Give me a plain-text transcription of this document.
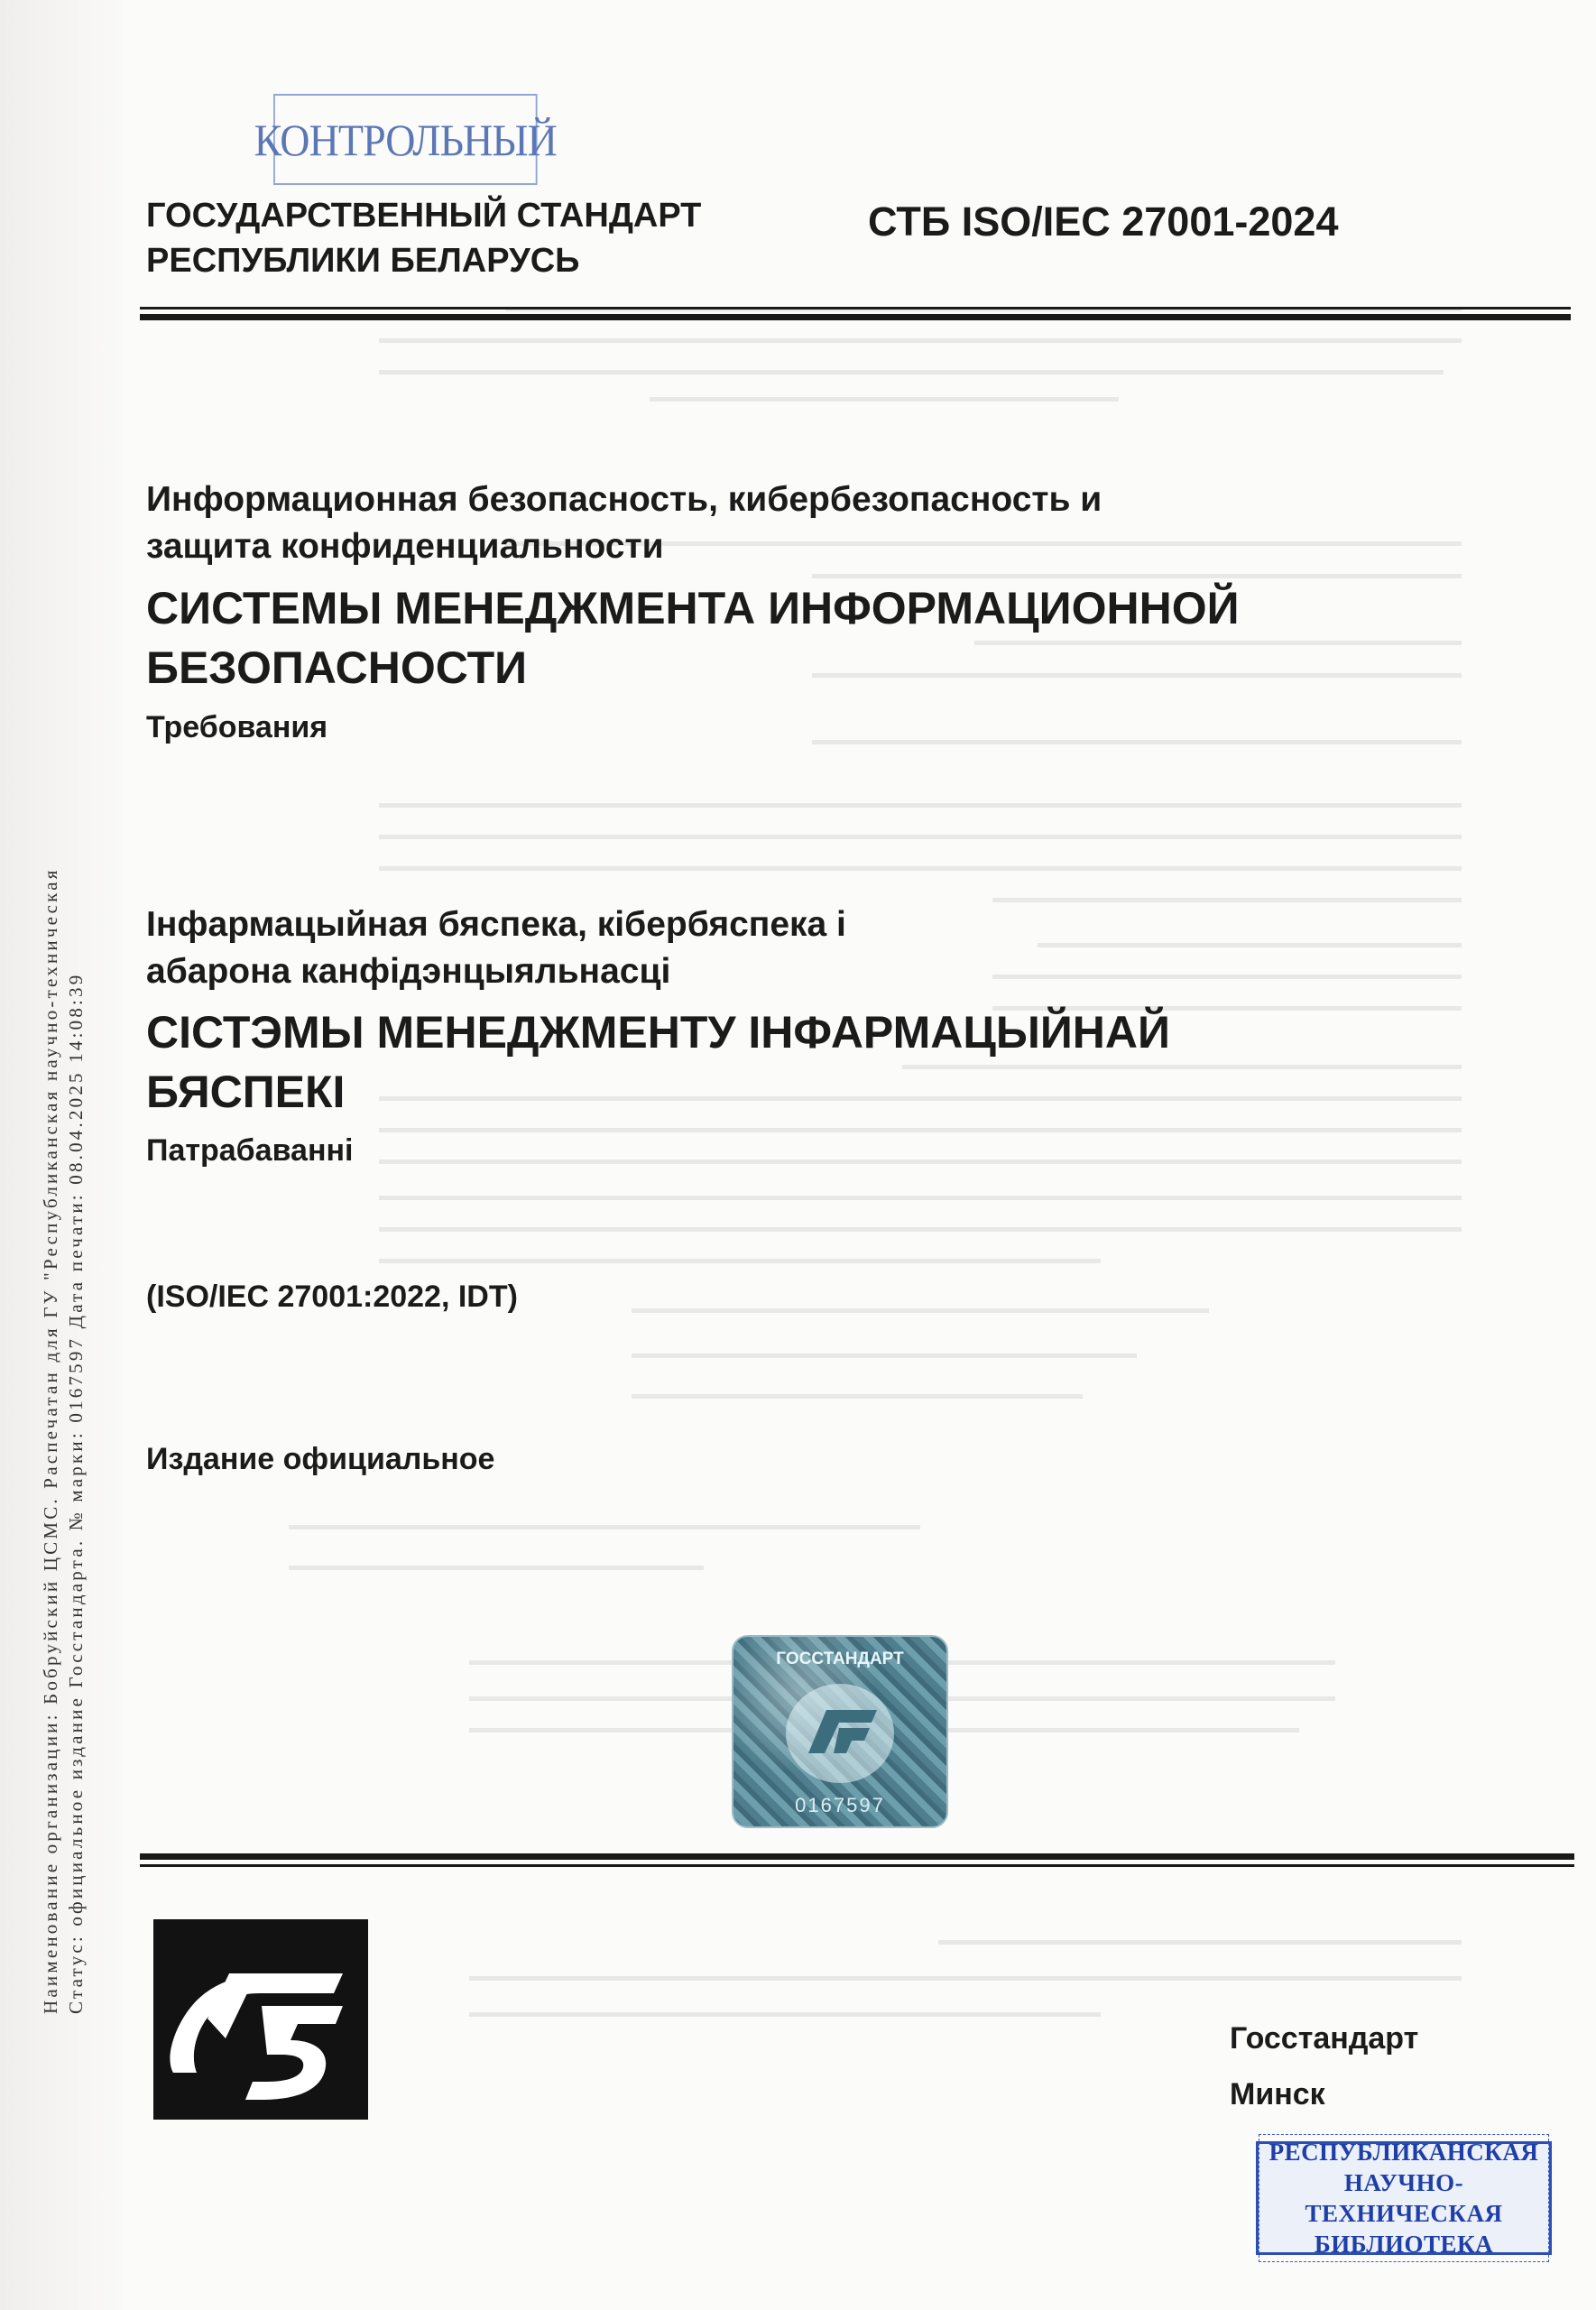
Наименование организации: Бобруйский ЦСМС. Распечатан для ГУ "Республиканская научно-техническая Статус: официальное издание Госстандарта. № марки: 0167597 Дата печати: 08.04.2025 14:08:39
КОНТРОЛЬНЫЙ
ГОСУДАРСТВЕННЫЙ СТАНДАРТ
РЕСПУБЛИКИ БЕЛАРУСЬ
СТБ ISO/IEC 27001-2024
Информационная безопасность, кибербезопасность и
защита конфиденциальности
СИСТЕМЫ МЕНЕДЖМЕНТА ИНФОРМАЦИОННОЙ
БЕЗОПАСНОСТИ
Требования
Інфармацыйная бяспека, кібербяспека і
абарона канфідэнцыяльнасці
СІСТЭМЫ МЕНЕДЖМЕНТУ ІНФАРМАЦЫЙНАЙ
БЯСПЕКІ
Патрабаванні
(ISO/IEC 27001:2022, IDT)
Издание официальное
ГОССТАНДАРТ
0167597
Госстандарт
Минск
РЕСПУБЛИКАНСКАЯ
НАУЧНО-ТЕХНИЧЕСКАЯ
БИБЛИОТЕКА
